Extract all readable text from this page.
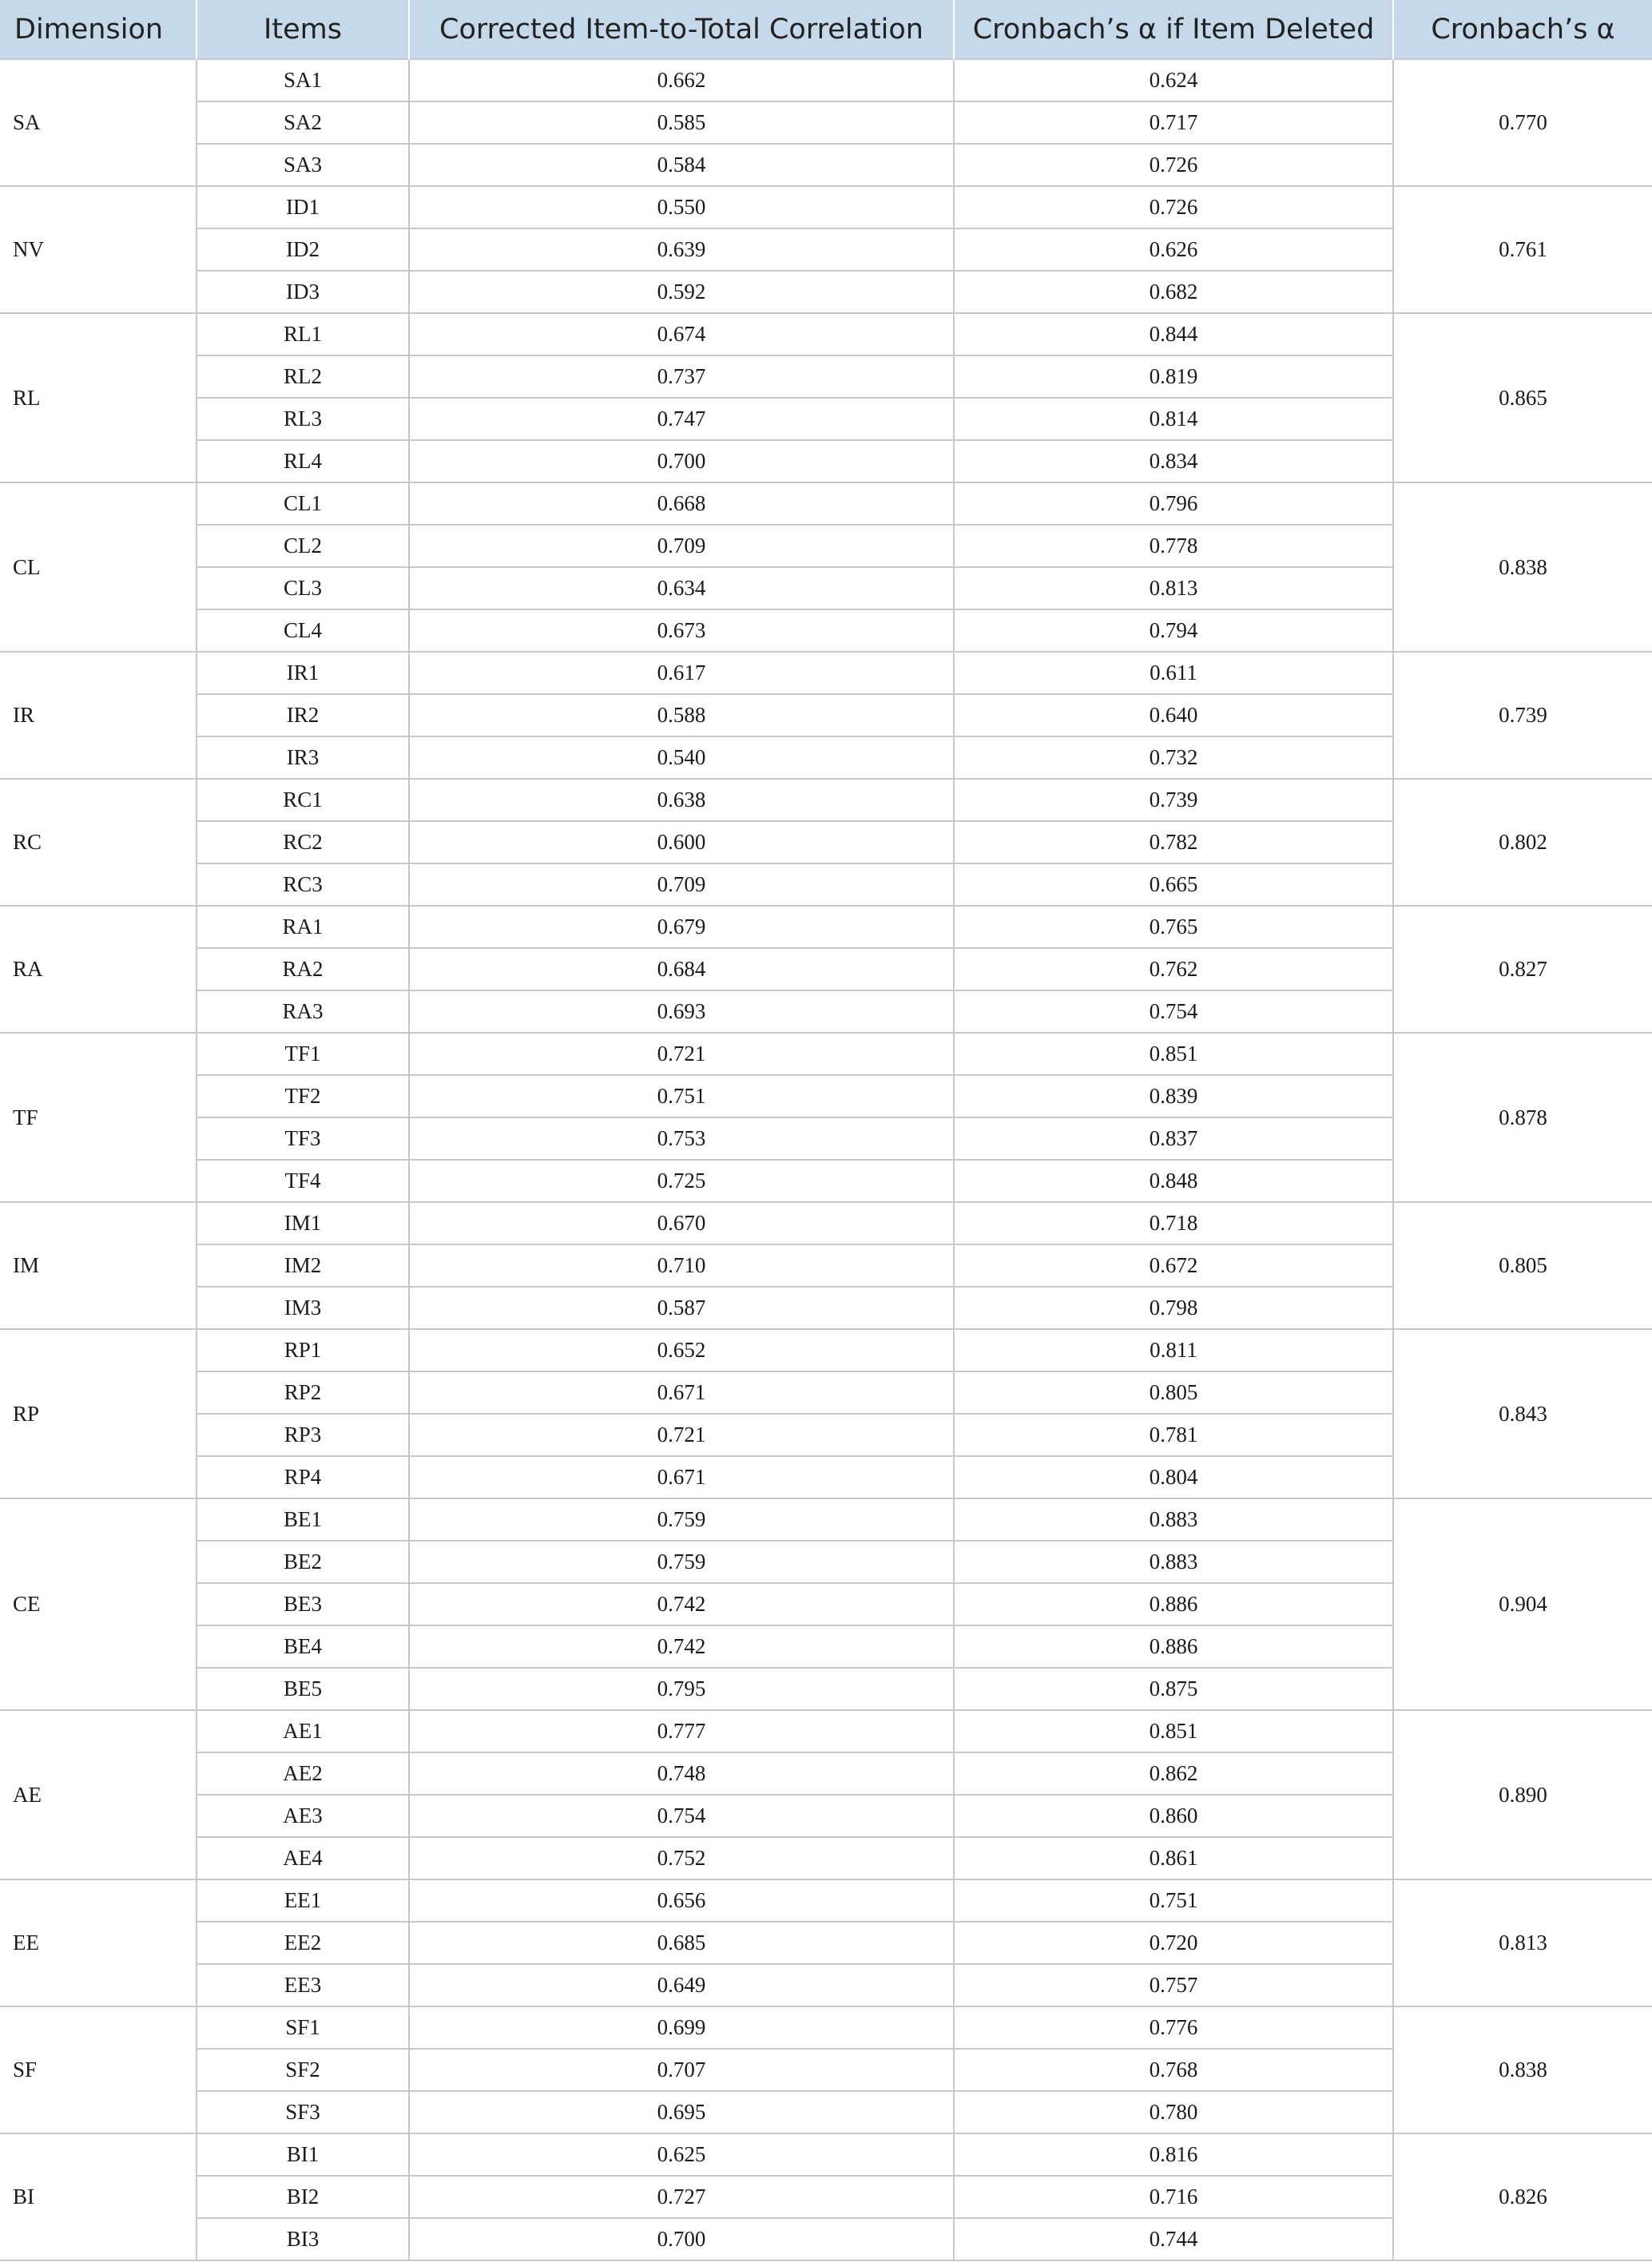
Dimension	Items	Corrected Item-to-Total Correlation	Cronbach’s α if Item Deleted	Cronbach’s α
SA	SA1	0.662	0.624	0.770
	SA2	0.585	0.717	
	SA3	0.584	0.726	
NV	ID1	0.550	0.726	0.761
	ID2	0.639	0.626	
	ID3	0.592	0.682	
RL	RL1	0.674	0.844	0.865
	RL2	0.737	0.819	
	RL3	0.747	0.814	
	RL4	0.700	0.834	
CL	CL1	0.668	0.796	0.838
	CL2	0.709	0.778	
	CL3	0.634	0.813	
	CL4	0.673	0.794	
IR	IR1	0.617	0.611	0.739
	IR2	0.588	0.640	
	IR3	0.540	0.732	
RC	RC1	0.638	0.739	0.802
	RC2	0.600	0.782	
	RC3	0.709	0.665	
RA	RA1	0.679	0.765	0.827
	RA2	0.684	0.762	
	RA3	0.693	0.754	
TF	TF1	0.721	0.851	0.878
	TF2	0.751	0.839	
	TF3	0.753	0.837	
	TF4	0.725	0.848	
IM	IM1	0.670	0.718	0.805
	IM2	0.710	0.672	
	IM3	0.587	0.798	
RP	RP1	0.652	0.811	0.843
	RP2	0.671	0.805	
	RP3	0.721	0.781	
	RP4	0.671	0.804	
CE	BE1	0.759	0.883	0.904
	BE2	0.759	0.883	
	BE3	0.742	0.886	
	BE4	0.742	0.886	
	BE5	0.795	0.875	
AE	AE1	0.777	0.851	0.890
	AE2	0.748	0.862	
	AE3	0.754	0.860	
	AE4	0.752	0.861	
EE	EE1	0.656	0.751	0.813
	EE2	0.685	0.720	
	EE3	0.649	0.757	
SF	SF1	0.699	0.776	0.838
	SF2	0.707	0.768	
	SF3	0.695	0.780	
BI	BI1	0.625	0.816	0.826
	BI2	0.727	0.716	
	BI3	0.700	0.744	
